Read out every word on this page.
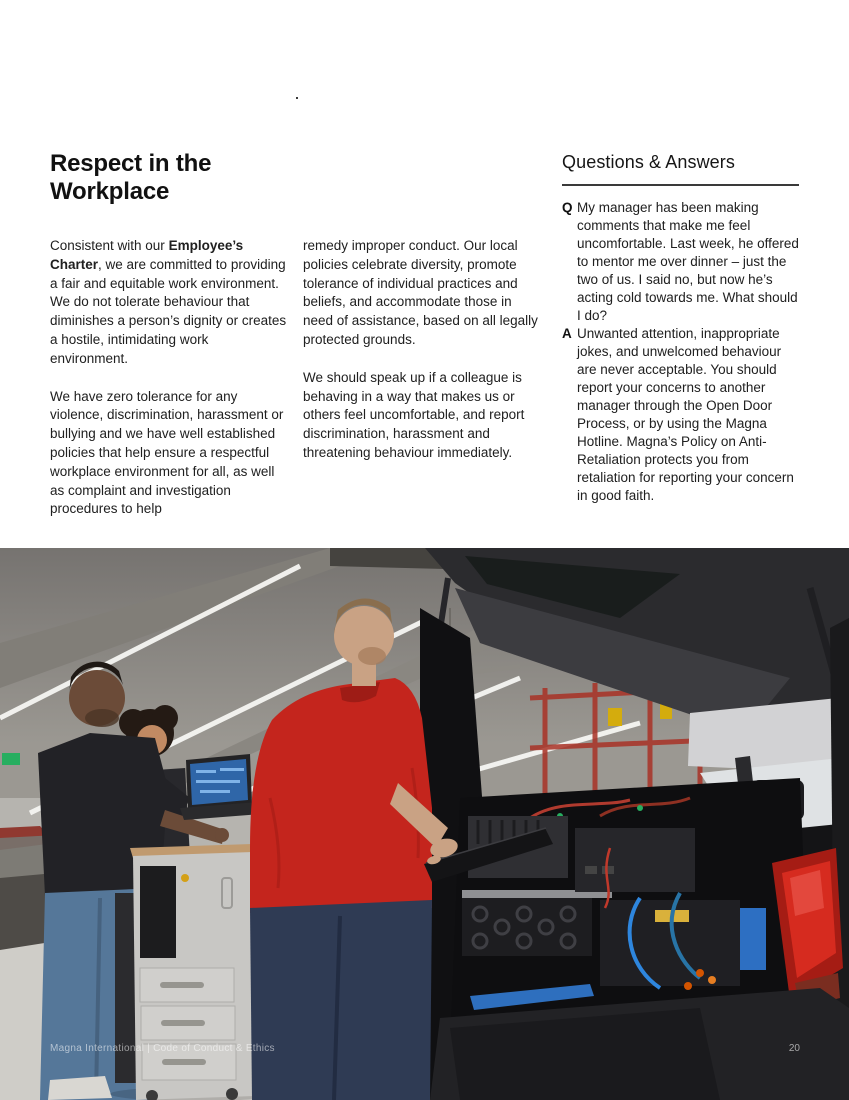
Respect in the Workplace

Consistent with our Employee’s Charter, we are committed to providing a fair and equitable work environment. We do not tolerate behaviour that diminishes a person’s dignity or creates a hostile, intimidating work environment.

We have zero tolerance for any violence, discrimination, harassment or bullying and we have well established policies that help ensure a respectful workplace environment for all, as well as complaint and investigation procedures to help

remedy improper conduct. Our local policies celebrate diversity, promote tolerance of individual practices and beliefs, and accommodate those in need of assistance, based on all legally protected grounds.

We should speak up if a colleague is behaving in a way that makes us or others feel uncomfortable, and report discrimination, harassment and threatening behaviour immediately.

Questions & Answers
Q My manager has been making comments that make me feel uncomfortable. Last week, he offered to mentor me over dinner – just the two of us. I said no, but now he’s acting cold towards me. What should I do?
A Unwanted attention, inappropriate jokes, and unwelcomed behaviour are never acceptable. You should report your concerns to another manager through the Open Door Process, or by using the Magna Hotline. Magna’s Policy on Anti-Retaliation protects you from retaliation for reporting your concern in good faith.
Magna International | Code of Conduct & Ethics	20
